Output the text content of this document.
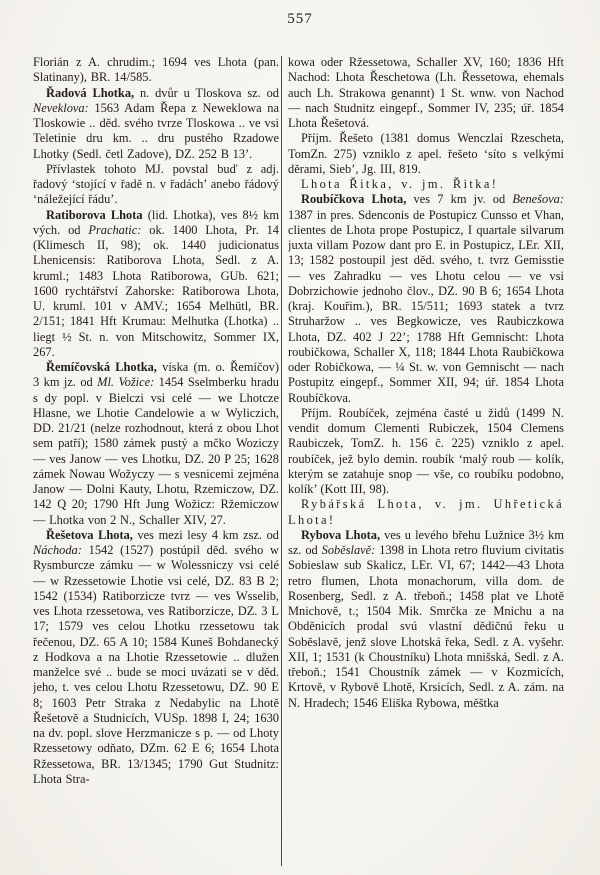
557

Florián z A. chrudim.; 1694 ves Lhota (pan. Slatinany), BR. 14/585.

Řadová Lhotka, n. dvůr u Tloskova sz. od Neveklova: 1563 Adam Řepa z Neweklowa na Tloskowie .. děd. svého tvrze Tloskowa .. ve vsi Teletinie dru km. .. dru pustého Rzadowe Lhotky (Sedl. četl Zadove), DZ. 252 B 13’.

Přívlastek tohoto MJ. povstal buď z adj. řadový ‘stojící v řadě n. v řadách’ anebo řádový ‘náležející řádu’.

Ratiborova Lhota (lid. Lhotka), ves 8½ km vých. od Prachatic: ok. 1400 Lhota, Pr. 14 (Klimesch II, 98); ok. 1440 judicionatus Lhenicensis: Ratiborova Lhota, Sedl. z A. kruml.; 1483 Lhota Ratiborowa, GUb. 621; 1600 rychtářství Zahorske: Ratiborowa Lhota, U. kruml. 101 v AMV.; 1654 Melhütl, BR. 2/151; 1841 Hft Krumau: Melhutka (Lhotka) .. liegt ½ St. n. von Mitschowitz, Sommer IX, 267.

Řemíčovská Lhotka, víska (m. o. Řemíčov) 3 km jz. od Ml. Vožice: 1454 Sselmberku hradu s dy popl. v Bielczi vsi celé — we Lhotcze Hlasne, we Lhotie Candelowie a w Wyliczich, DD. 21/21 (nelze rozhodnout, která z obou Lhot sem patří); 1580 zámek pustý a mčko Woziczy — ves Janow — ves Lhotku, DZ. 20 P 25; 1628 zámek Nowau Wožyczy — s vesnicemi zejména Janow — Dolni Kauty, Lhotu, Rzemiczow, DZ. 142 Q 20; 1790 Hft Jung Wožicz: Ržemiczow — Lhotka von 2 N., Schaller XIV, 27.

Řešetova Lhota, ves mezi lesy 4 km zsz. od Náchoda: 1542 (1527) postúpil děd. svého w Rysmburcze zámku — w Wolessniczy vsi celé — w Rzessetowie Lhotie vsi celé, DZ. 83 B 2; 1542 (1534) Ratiborzicze tvrz — ves Wsselib, ves Lhota rzessetowa, ves Ratiborzicze, DZ. 3 L 17; 1579 ves celou Lhotku rzessetowu tak řečenou, DZ. 65 A 10; 1584 Kuneš Bohdanecký z Hodkova a na Lhotie Rzessetowie .. dlužen manželce své .. bude se moci uvázati se v děd. jeho, t. ves celou Lhotu Rzessetowu, DZ. 90 E 8; 1603 Petr Straka z Nedabylic na Lhotě Řešetově a Studnicích, VUSp. 1898 I, 24; 1630 na dv. popl. slove Herzmanicze s p. — od Lhoty Rzessetowy odňato, DZm. 62 E 6; 1654 Lhota Ržessetowa, BR. 13/1345; 1790 Gut Studnitz: Lhota Stra-

kowa oder Ržessetowa, Schaller XV, 160; 1836 Hft Nachod: Lhota Řeschetowa (Lh. Řessetowa, ehemals auch Lh. Strakowa genannt) 1 St. wnw. von Nachod — nach Studnitz eingepf., Sommer IV, 235; úř. 1854 Lhota Řešetová.

Příjm. Řešeto (1381 domus Wenczlai Rzescheta, TomZn. 275) vzniklo z apel. řešeto ‘síto s velkými děrami, Sieb’, Jg. III, 819.

Lhota Řitka, v. jm. Řitka!

Roubíčkova Lhota, ves 7 km jv. od Benešova: 1387 in pres. Sdenconis de Postupicz Cunsso et Vhan, clientes de Lhota prope Postupicz, I quartale silvarum juxta villam Pozow dant pro E. in Postupicz, LEr. XII, 13; 1582 postoupil jest děd. svého, t. tvrz Gemisstie — ves Zahradku — ves Lhotu celou — ve vsi Dobrzichowie jednoho člov., DZ. 90 B 6; 1654 Lhota (kraj. Kouřim.), BR. 15/511; 1693 statek a tvrz Struharžow .. ves Begkowicze, ves Raubiczkowa Lhota, DZ. 402 J 22’; 1788 Hft Gemnischt: Lhota roubičkowa, Schaller X, 118; 1844 Lhota Raubičkowa oder Robičkowa, — ¼ St. w. von Gemnischt — nach Postupitz eingepf., Sommer XII, 94; úř. 1854 Lhota Roubíčkova.

Příjm. Roubíček, zejména časté u židů (1499 N. vendit domum Clementi Rubiczek, 1504 Clemens Raubiczek, TomZ. h. 156 č. 225) vzniklo z apel. roubíček, jež bylo demin. roubík ‘malý roub — kolík, kterým se zatahuje snop — vše, co roubíku podobno, kolík’ (Kott III, 98).

Rybářská Lhota, v. jm. Uhřetická Lhota!

Rybova Lhota, ves u levého břehu Lužnice 3½ km sz. od Soběslavě: 1398 in Lhota retro fluvium civitatis Sobieslaw sub Skalicz, LEr. VI, 67; 1442—43 Lhota retro flumen, Lhota monachorum, villa dom. de Rosenberg, Sedl. z A. třeboň.; 1458 plat ve Lhotě Mnichově, t.; 1504 Mik. Smrčka ze Mnichu a na Obděnicích prodal svú vlastní dědičnú řeku u Soběslavě, jenž slove Lhotská řeka, Sedl. z A. vyšehr. XII, 1; 1531 (k Choustníku) Lhota mnišská, Sedl. z A. třeboň.; 1541 Choustník zámek — v Kozmicích, Krtově, v Rybově Lhotě, Krsicích, Sedl. z A. zám. na N. Hradech; 1546 Eliška Rybowa, měštka
